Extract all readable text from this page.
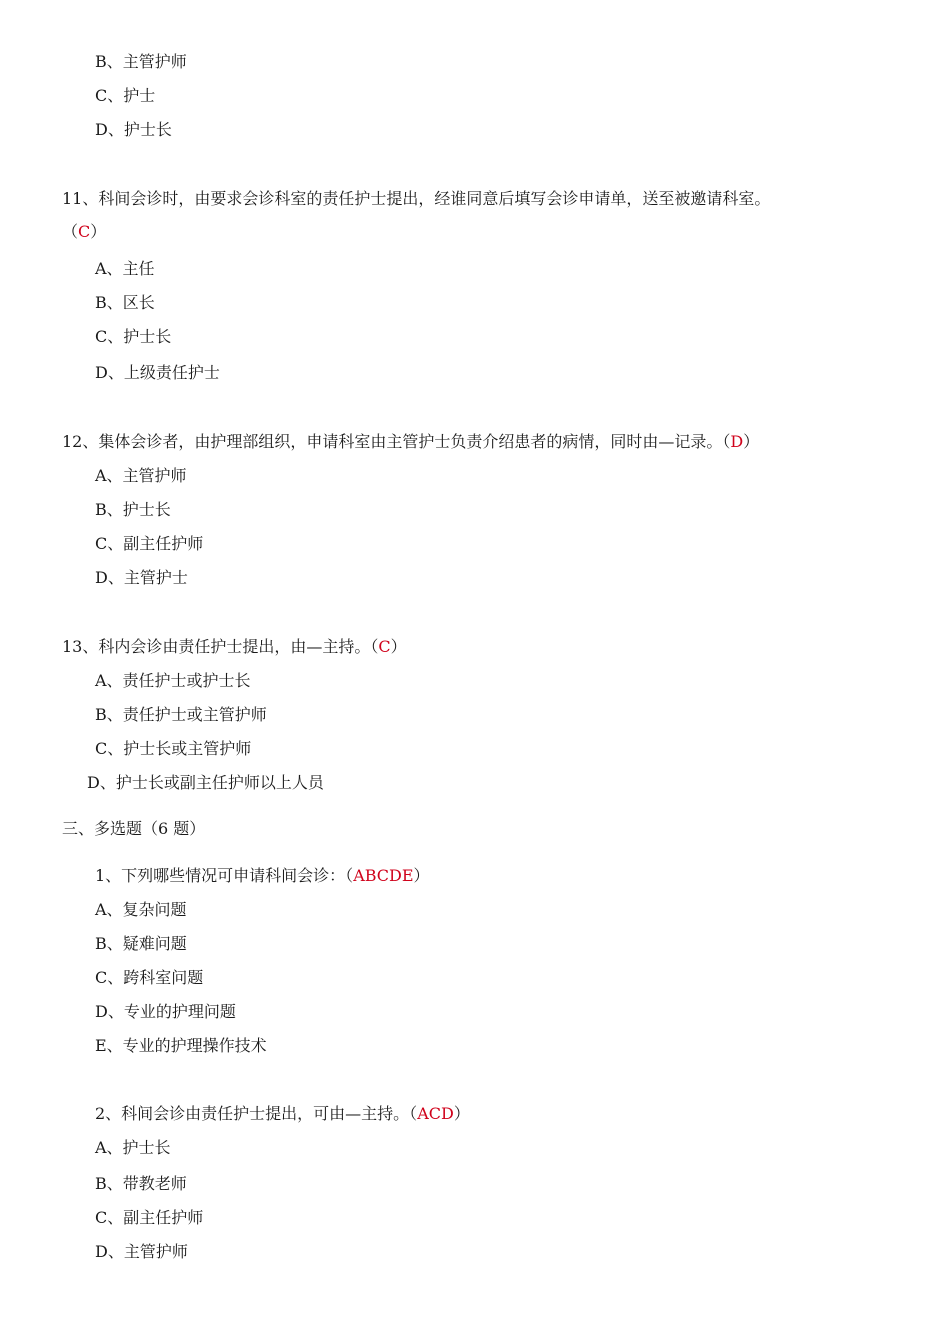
B、主管护师
C、护士
D、护士长
11、科间会诊时，由要求会诊科室的责任护士提出，经谁同意后填写会诊申请单，送至被邀请科室。
（C）
A、主任
B、区长
C、护士长
D、上级责任护士
12、集体会诊者，由护理部组织，申请科室由主管护士负责介绍患者的病情，同时由—记录。（D）
A、主管护师
B、护士长
C、副主任护师
D、主管护士
13、科内会诊由责任护士提出，由—主持。（C）
A、责任护士或护士长
B、责任护士或主管护师
C、护士长或主管护师
D、护士长或副主任护师以上人员
三、多选题（6 题）
1、下列哪些情况可申请科间会诊：（ABCDE）
A、复杂问题
B、疑难问题
C、跨科室问题
D、专业的护理问题
E、专业的护理操作技术
2、科间会诊由责任护士提出，可由—主持。（ACD）
A、护士长
B、带教老师
C、副主任护师
D、主管护师
